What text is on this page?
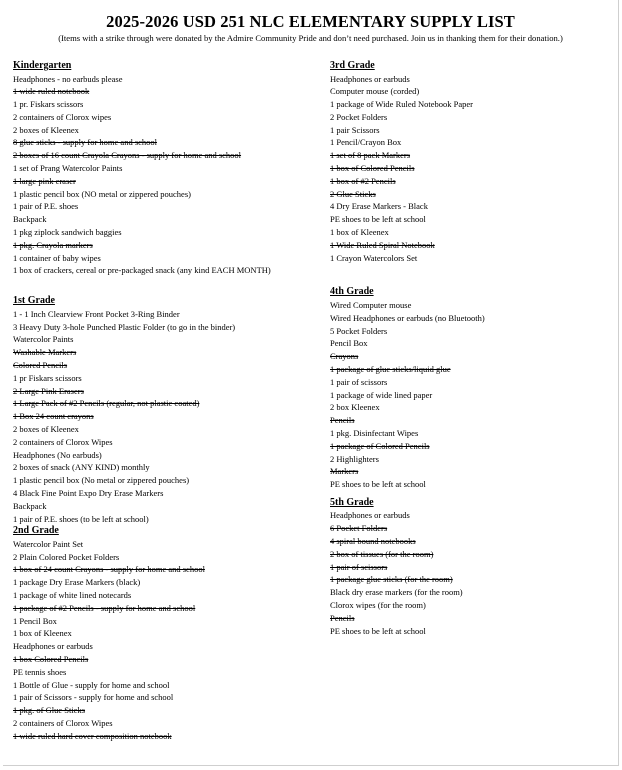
2025-2026 USD 251 NLC ELEMENTARY SUPPLY LIST
(Items with a strike through were donated by the Admire Community Pride and don’t need purchased. Join us in thanking them for their donation.)
Kindergarten
Headphones - no earbuds please
1 wide ruled notebook
1 pr. Fiskars scissors
2 containers of Clorox wipes
2 boxes of Kleenex
8 glue sticks - supply for home and school
2 boxes of 16 count Crayola Crayons - supply for home and school
1 set of Prang Watercolor Paints
1 large pink eraser
1 plastic pencil box (NO metal or zippered pouches)
1 pair of P.E. shoes
Backpack
1 pkg ziplock sandwich baggies
1 pkg. Crayola markers
1 container of baby wipes
1 box of crackers, cereal or pre-packaged snack (any kind EACH MONTH)
1st Grade
1 - 1 Inch Clearview Front Pocket 3-Ring Binder
3 Heavy Duty 3-hole Punched Plastic Folder (to go in the binder)
Watercolor Paints
Washable Markers
Colored Pencils
1 pr Fiskars scissors
2 Large Pink Erasers
1 Large Pack of #2 Pencils (regular, not plastic coated)
1 Box 24 count crayons
2 boxes of Kleenex
2 containers of Clorox Wipes
Headphones (No earbuds)
2 boxes of snack (ANY KIND) monthly
1 plastic pencil box (No metal or zippered pouches)
4 Black Fine Point Expo Dry Erase Markers
Backpack
1 pair of P.E. shoes (to be left at school)
2nd Grade
Watercolor Paint Set
2 Plain Colored Pocket Folders
1 box of 24 count Crayons - supply for home and school
1 package Dry Erase Markers (black)
1 package of white lined notecards
1 package of #2 Pencils - supply for home and school
1 Pencil Box
1 box of Kleenex
Headphones or earbuds
1 box Colored Pencils
PE tennis shoes
1 Bottle of Glue - supply for home and school
1 pair of Scissors - supply for home and school
1 pkg. of Glue Sticks
2 containers of Clorox Wipes
1 wide ruled hard cover composition notebook
3rd Grade
Headphones or earbuds
Computer mouse (corded)
1 package of Wide Ruled Notebook Paper
2 Pocket Folders
1 pair Scissors
1 Pencil/Crayon Box
1 set of 8 pack Markers
1 box of Colored Pencils
1 box of #2 Pencils
2 Glue Sticks
4 Dry Erase Markers - Black
PE shoes to be left at school
1 box of Kleenex
1 Wide Ruled Spiral Notebook
1 Crayon Watercolors Set
4th Grade
Wired Computer mouse
Wired Headphones or earbuds (no Bluetooth)
5 Pocket Folders
Pencil Box
Crayons
1 package of glue sticks/liquid glue
1 pair of scissors
1 package of wide lined paper
2 box Kleenex
Pencils
1 pkg. Disinfectant Wipes
1 package of Colored Pencils
2 Highlighters
Markers
PE shoes to be left at school
5th Grade
Headphones or earbuds
6 Pocket Folders
4 spiral bound notebooks
2 box of tissues (for the room)
1 pair of scissors
1 package glue sticks (for the room)
Black dry erase markers (for the room)
Clorox wipes (for the room)
Pencils
PE shoes to be left at school
